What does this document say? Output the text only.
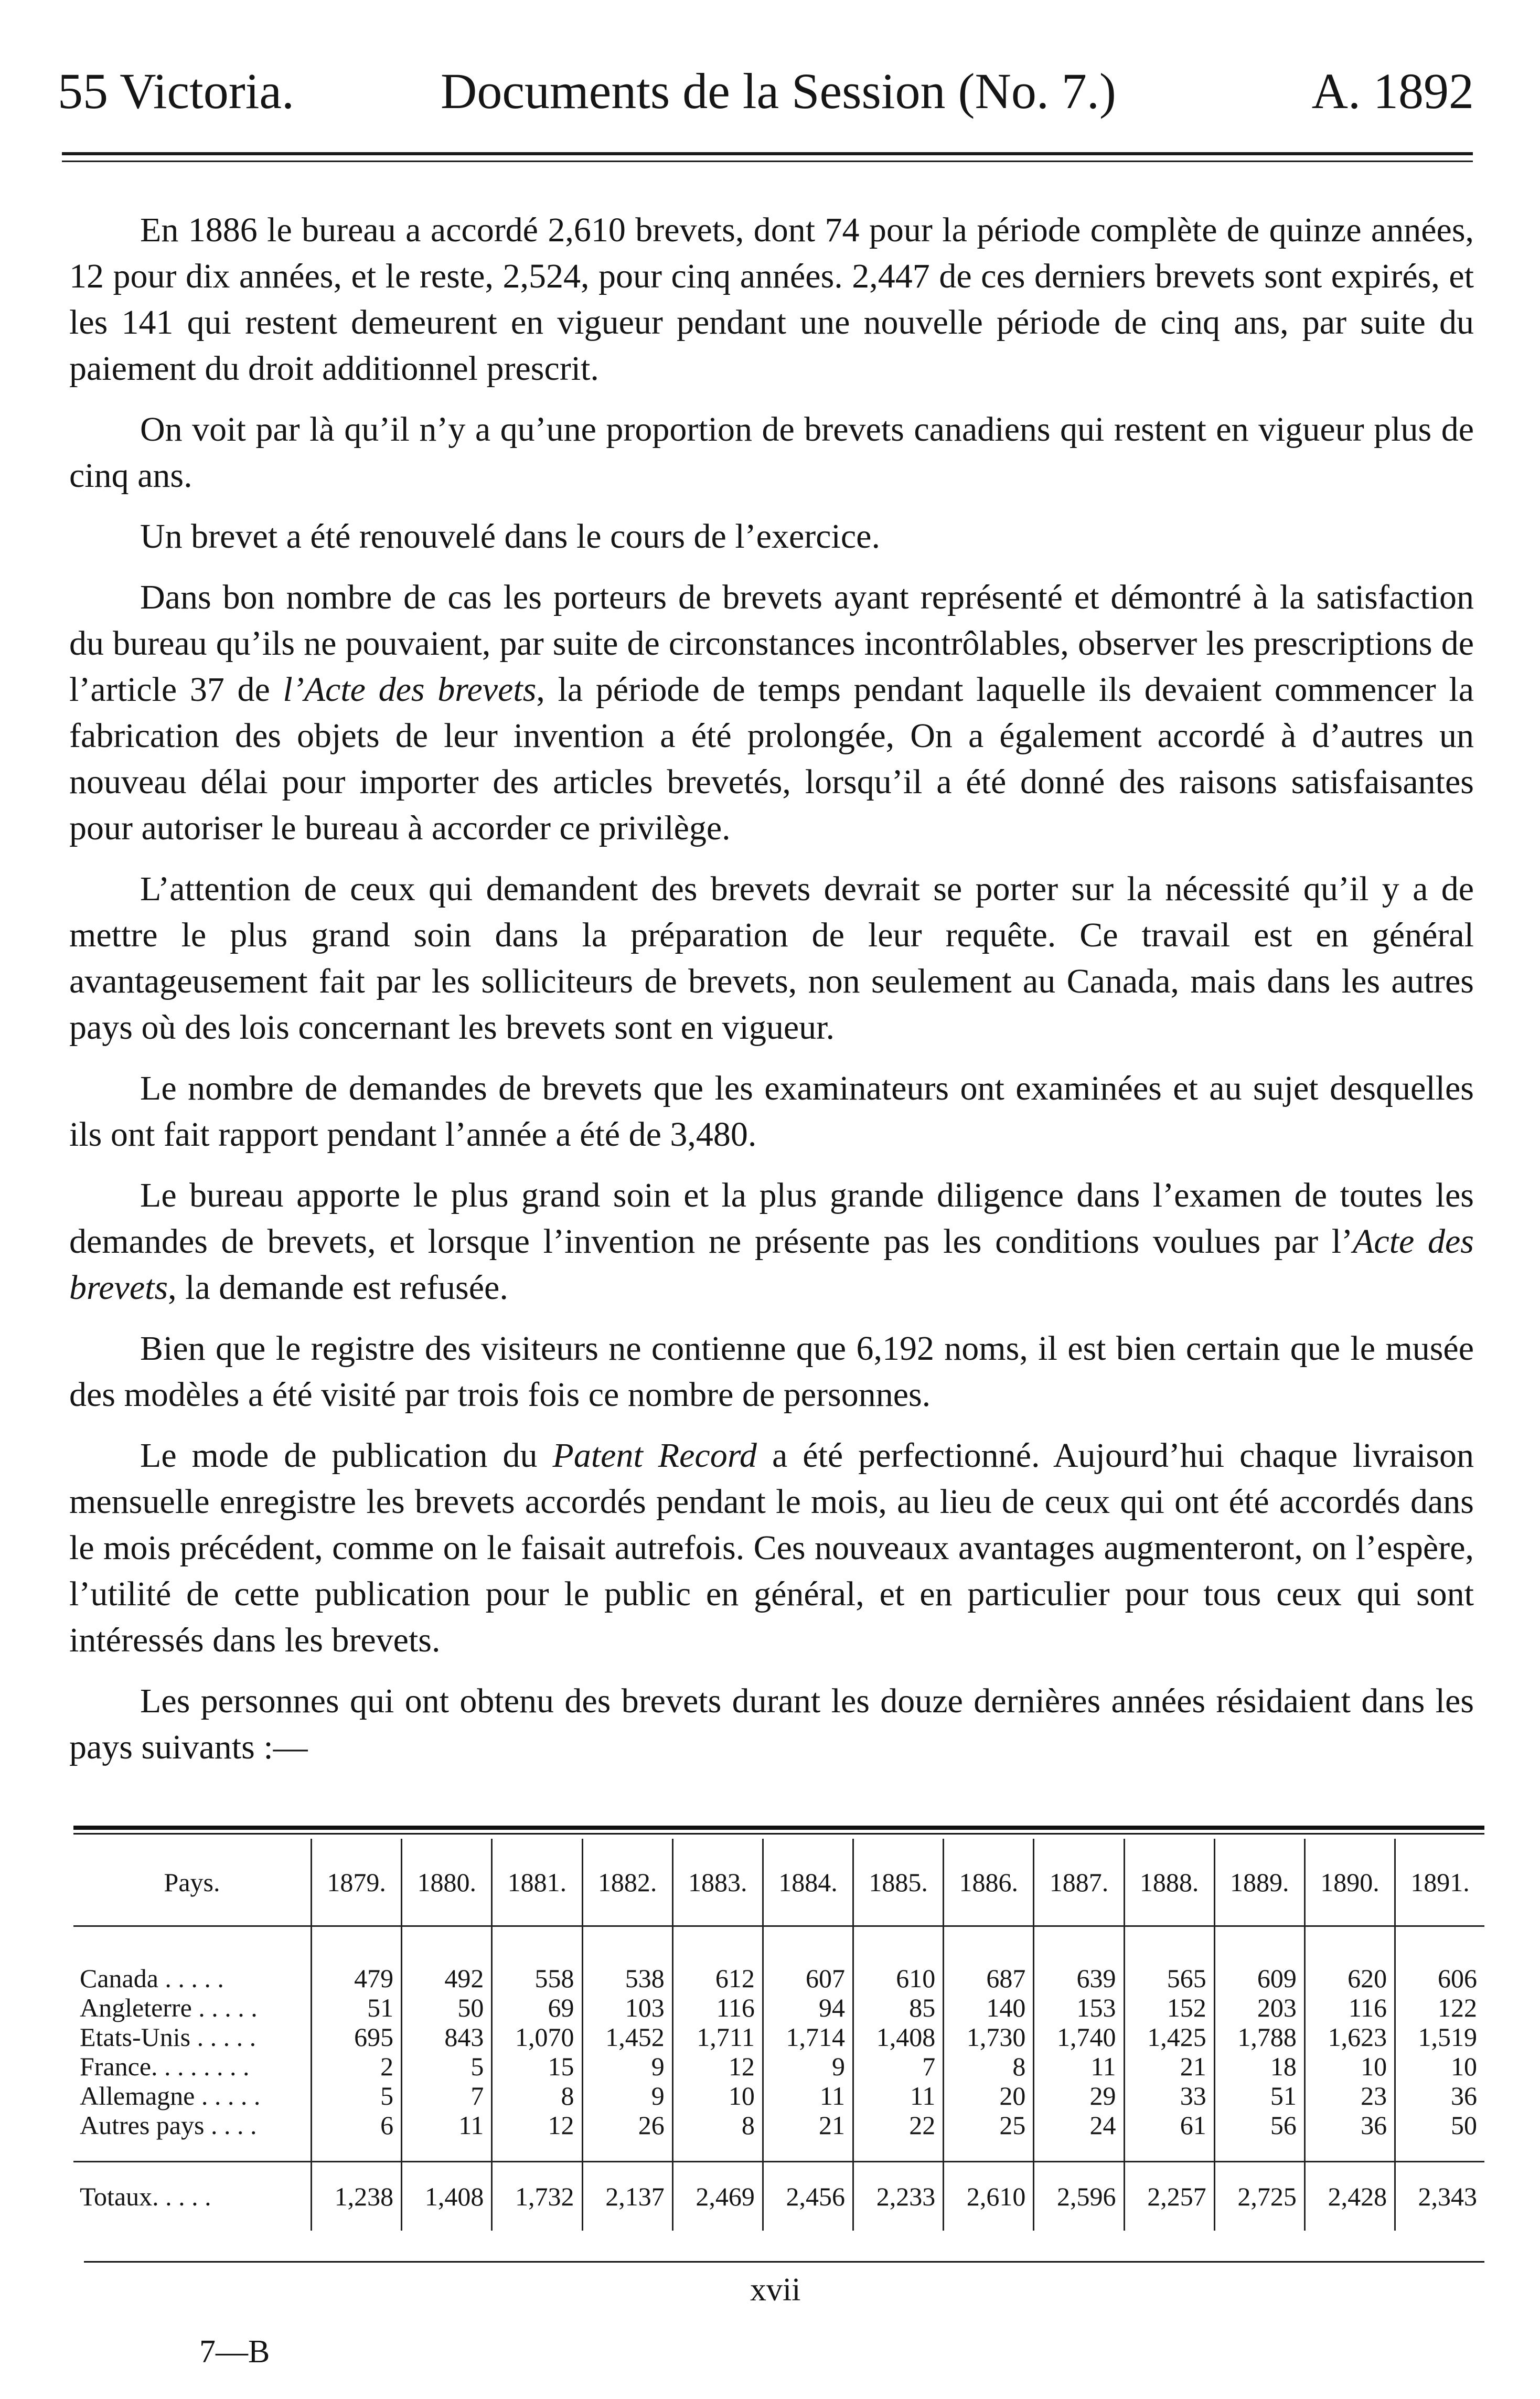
55 Victoria.	Documents de la Session (No. 7.)	A. 1892

En 1886 le bureau a accordé 2,610 brevets, dont 74 pour la période complète de quinze années, 12 pour dix années, et le reste, 2,524, pour cinq années. 2,447 de ces derniers brevets sont expirés, et les 141 qui restent demeurent en vigueur pendant une nouvelle période de cinq ans, par suite du paiement du droit additionnel prescrit.

On voit par là qu’il n’y a qu’une proportion de brevets canadiens qui restent en vigueur plus de cinq ans.

Un brevet a été renouvelé dans le cours de l’exercice.

Dans bon nombre de cas les porteurs de brevets ayant représenté et démontré à la satisfaction du bureau qu’ils ne pouvaient, par suite de circonstances incontrôlables, observer les prescriptions de l’article 37 de l’Acte des brevets, la période de temps pendant laquelle ils devaient commencer la fabrication des objets de leur invention a été prolongée, On a également accordé à d’autres un nouveau délai pour importer des articles brevetés, lorsqu’il a été donné des raisons satisfaisantes pour autoriser le bureau à accorder ce privilège.

L’attention de ceux qui demandent des brevets devrait se porter sur la nécessité qu’il y a de mettre le plus grand soin dans la préparation de leur requête. Ce travail est en général avantageusement fait par les solliciteurs de brevets, non seulement au Canada, mais dans les autres pays où des lois concernant les brevets sont en vigueur.

Le nombre de demandes de brevets que les examinateurs ont examinées et au sujet desquelles ils ont fait rapport pendant l’année a été de 3,480.

Le bureau apporte le plus grand soin et la plus grande diligence dans l’examen de toutes les demandes de brevets, et lorsque l’invention ne présente pas les conditions voulues par l’Acte des brevets, la demande est refusée.

Bien que le registre des visiteurs ne contienne que 6,192 noms, il est bien certain que le musée des modèles a été visité par trois fois ce nombre de personnes.

Le mode de publication du Patent Record a été perfectionné. Aujourd’hui chaque livraison mensuelle enregistre les brevets accordés pendant le mois, au lieu de ceux qui ont été accordés dans le mois précédent, comme on le faisait autrefois. Ces nouveaux avantages augmenteront, on l’espère, l’utilité de cette publication pour le public en général, et en particulier pour tous ceux qui sont intéressés dans les brevets.

Les personnes qui ont obtenu des brevets durant les douze dernières années résidaient dans les pays suivants :—

Pays.	1879.	1880.	1881.	1882.	1883.	1884.	1885.	1886.	1887.	1888.	1889.	1890.	1891.
Canada . . . . .	479	492	558	538	612	607	610	687	639	565	609	620	606
Angleterre . . . . .	51	50	69	103	116	94	85	140	153	152	203	116	122
Etats-Unis . . . . .	695	843	1,070	1,452	1,711	1,714	1,408	1,730	1,740	1,425	1,788	1,623	1,519
France. . . . . . . .	2	5	15	9	12	9	7	8	11	21	18	10	10
Allemagne . . . . .	5	7	8	9	10	11	11	20	29	33	51	23	36
Autres pays . . . .	6	11	12	26	8	21	22	25	24	61	56	36	50
Totaux. . . . .	1,238	1,408	1,732	2,137	2,469	2,456	2,233	2,610	2,596	2,257	2,725	2,428	2,343
xvii
7—B
